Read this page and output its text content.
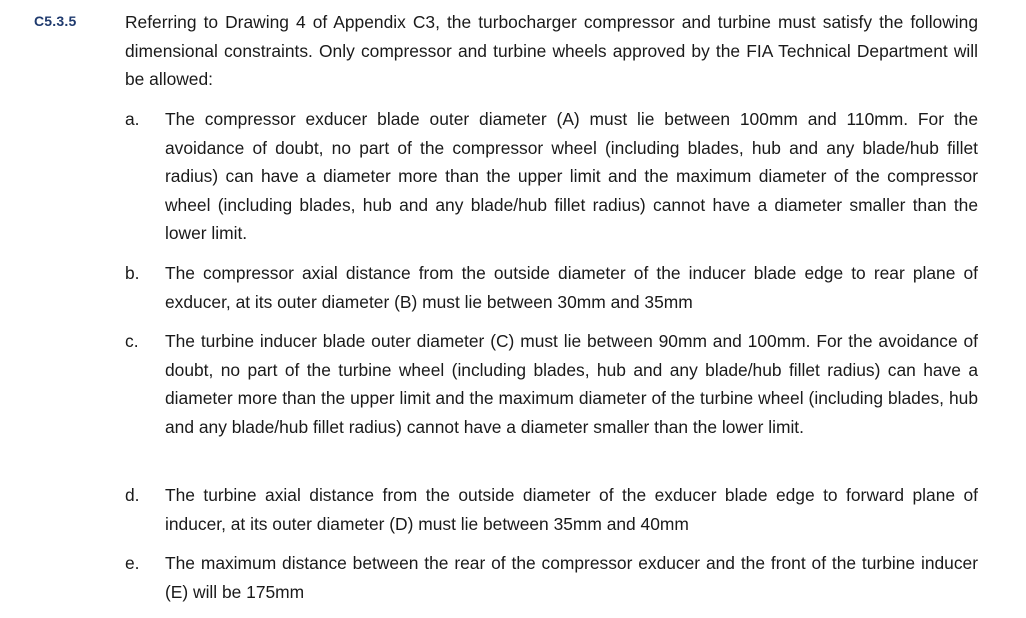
C5.3.5	Referring to Drawing 4 of Appendix C3, the turbocharger compressor and turbine must satisfy the following dimensional constraints. Only compressor and turbine wheels approved by the FIA Technical Department will be allowed:

a. The compressor exducer blade outer diameter (A) must lie between 100mm and 110mm. For the avoidance of doubt, no part of the compressor wheel (including blades, hub and any blade/hub fillet radius) can have a diameter more than the upper limit and the maximum diameter of the compressor wheel (including blades, hub and any blade/hub fillet radius) cannot have a diameter smaller than the lower limit.

b. The compressor axial distance from the outside diameter of the inducer blade edge to rear plane of exducer, at its outer diameter (B) must lie between 30mm and 35mm

c. The turbine inducer blade outer diameter (C) must lie between 90mm and 100mm. For the avoidance of doubt, no part of the turbine wheel (including blades, hub and any blade/hub fillet radius) can have a diameter more than the upper limit and the maximum diameter of the turbine wheel (including blades, hub and any blade/hub fillet radius) cannot have a diameter smaller than the lower limit.

d. The turbine axial distance from the outside diameter of the exducer blade edge to forward plane of inducer, at its outer diameter (D) must lie between 35mm and 40mm

e. The maximum distance between the rear of the compressor exducer and the front of the turbine inducer (E) will be 175mm
